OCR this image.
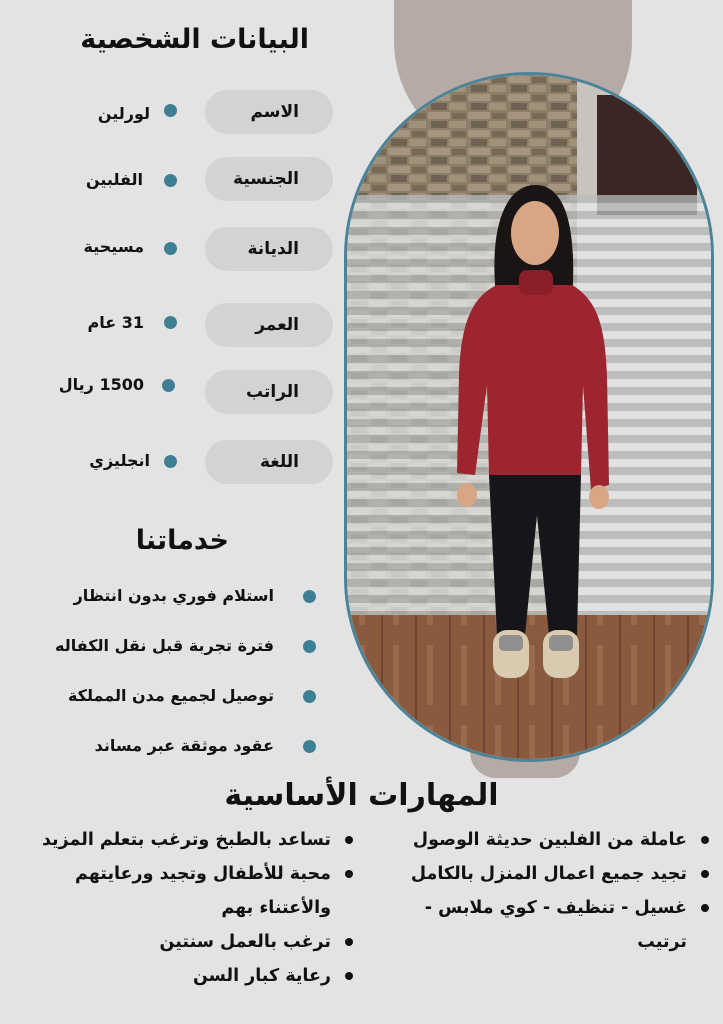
البيانات الشخصية
الاسم
لورلين
الجنسية
الفلبين
الديانة
مسيحية
العمر
31 عام
الراتب
1500 ريال
اللغة
انجليزي
خدماتنا
استلام فوري بدون انتظار
فترة تجربة قبل نقل الكفاله
توصيل لجميع مدن المملكة
عقود موثقة عبر مساند
المهارات الأساسية
عاملة من الفلبين حديثة الوصول
تجيد جميع اعمال المنزل بالكامل
غسيل - تنظيف - كوي ملابس -
ترتيب
تساعد بالطبخ وترغب بتعلم المزيد
محبة للأطفال وتجيد ورعايتهم
والأعتناء بهم
ترغب بالعمل سنتين
رعاية كبار السن
